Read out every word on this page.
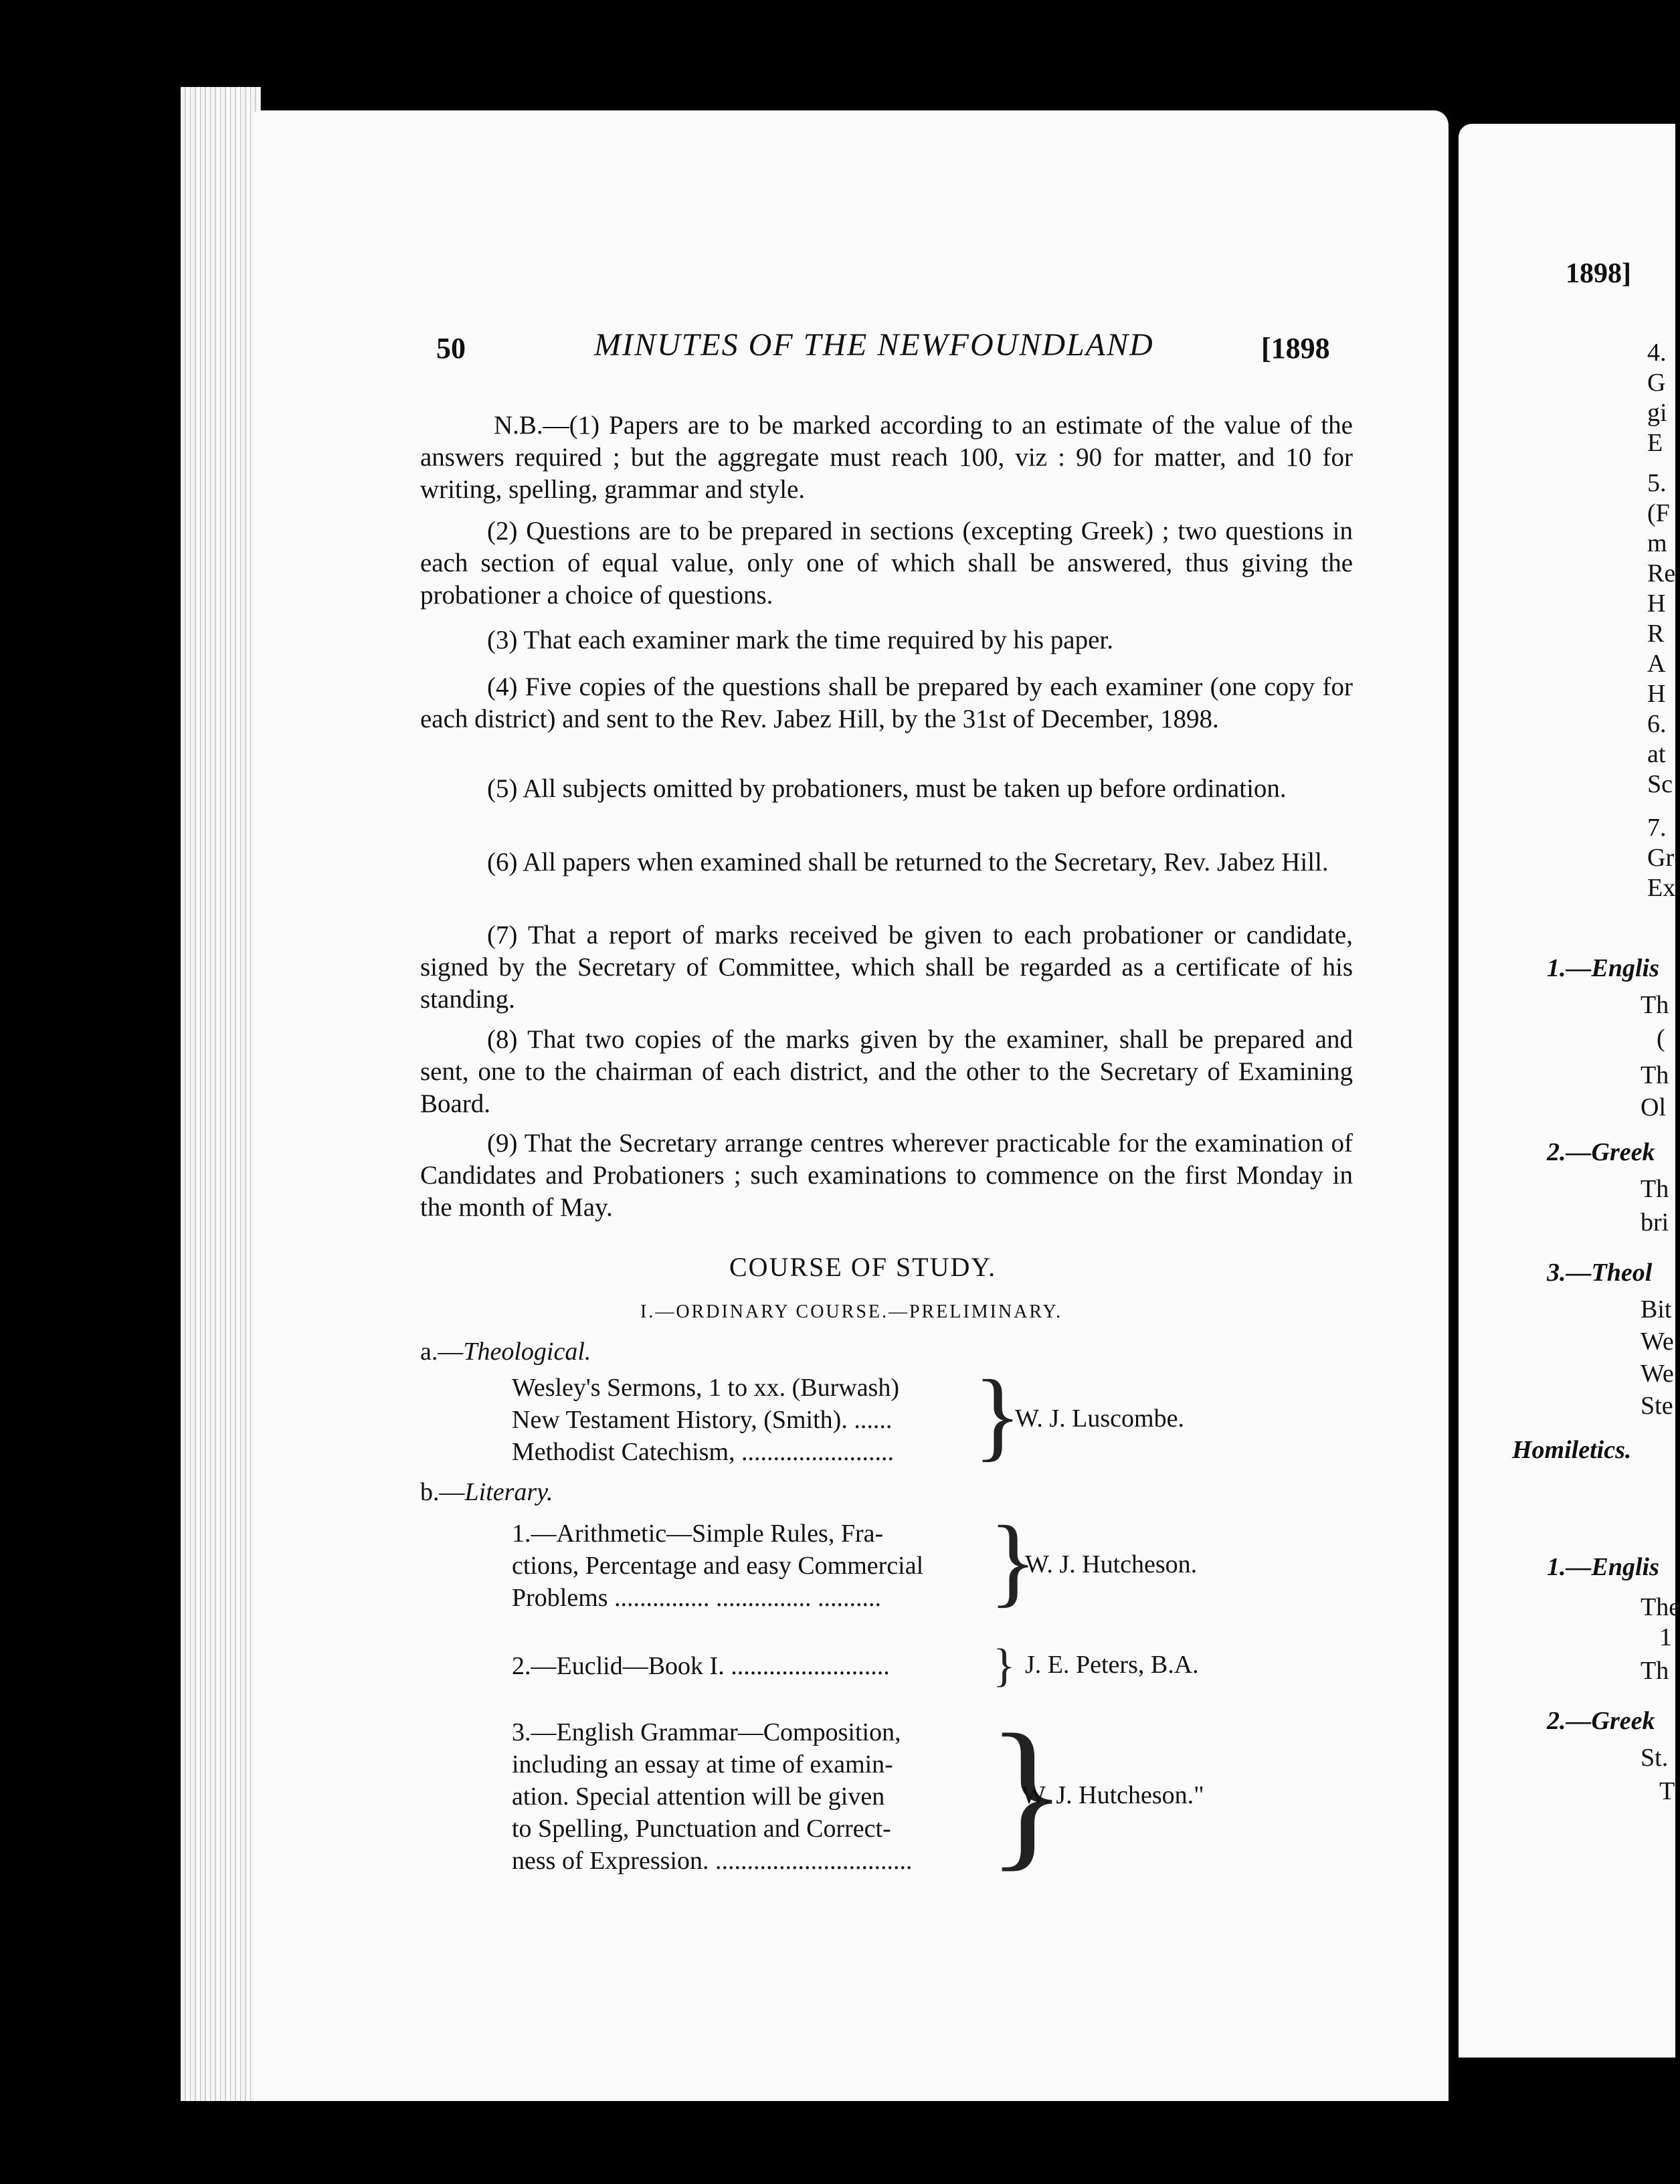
50	MINUTES OF THE NEWFOUNDLAND	[1898
N.B.—(1) Papers are to be marked according to an estimate of the value of the answers required ; but the aggregate must reach 100, viz : 90 for matter, and 10 for writing, spelling, grammar and style.
(2) Questions are to be prepared in sections (excepting Greek) ; two questions in each section of equal value, only one of which shall be answered, thus giving the probationer a choice of questions.
(3) That each examiner mark the time required by his paper.
(4) Five copies of the questions shall be prepared by each examiner (one copy for each district) and sent to the Rev. Jabez Hill, by the 31st of December, 1898.
(5) All subjects omitted by probationers, must be taken up before ordination.
(6) All papers when examined shall be returned to the Secretary, Rev. Jabez Hill.
(7) That a report of marks received be given to each probationer or candidate, signed by the Secretary of Committee, which shall be regarded as a certificate of his standing.
(8) That two copies of the marks given by the examiner, shall be prepared and sent, one to the chairman of each district, and the other to the Secretary of Examining Board.
(9) That the Secretary arrange centres wherever practicable for the examination of Candidates and Probationers ; such examinations to commence on the first Monday in the month of May.
COURSE OF STUDY.
I.—ORDINARY COURSE.—PRELIMINARY.
a.—Theological.
Wesley's Sermons, 1 to xx. (Burwash)
New Testament History, (Smith). ......
Methodist Catechism, ........................ }
W. J. Luscombe.
b.—Literary.
1.—Arithmetic—Simple Rules, Fra-
ctions, Percentage and easy Commercial
Problems ............... ............... .......... }
W. J. Hutcheson.
2.—Euclid—Book I. ......................... } J. E. Peters, B.A.
3.—English Grammar—Composition,
including an essay at time of examin-
ation. Special attention will be given
to Spelling, Punctuation and Correct-
ness of Expression. ............................... }
W. J. Hutcheson."
1898]
4.
G
gi
E
5.
(F
m
Re
H
R
A
H
6.
at
Sc
7.
Gr
Ex
1.—Englis
Th
(
Th
Ol
2.—Greek
Th
bri
3.—Theol
Bit
We
We
Ste
Homiletics.
1.—Englis
The
1
Th
2.—Greek
St.
T
